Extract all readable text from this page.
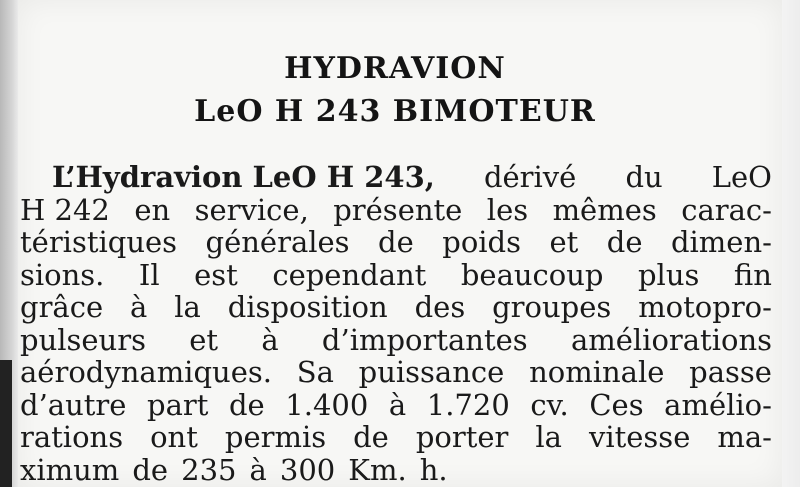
HYDRAVION
LeO H 243 BIMOTEUR
L’Hydravion LeO H 243, dérivé du LeO
H 242 en service, présente les mêmes carac-
téristiques générales de poids et de dimen-
sions. Il est cependant beaucoup plus fin
grâce à la disposition des groupes motopro-
pulseurs et à d’importantes améliorations
aérodynamiques. Sa puissance nominale passe
d’autre part de 1.400 à 1.720 cv. Ces amélio-
rations ont permis de porter la vitesse ma-
ximum de 235 à 300 Km. h.
